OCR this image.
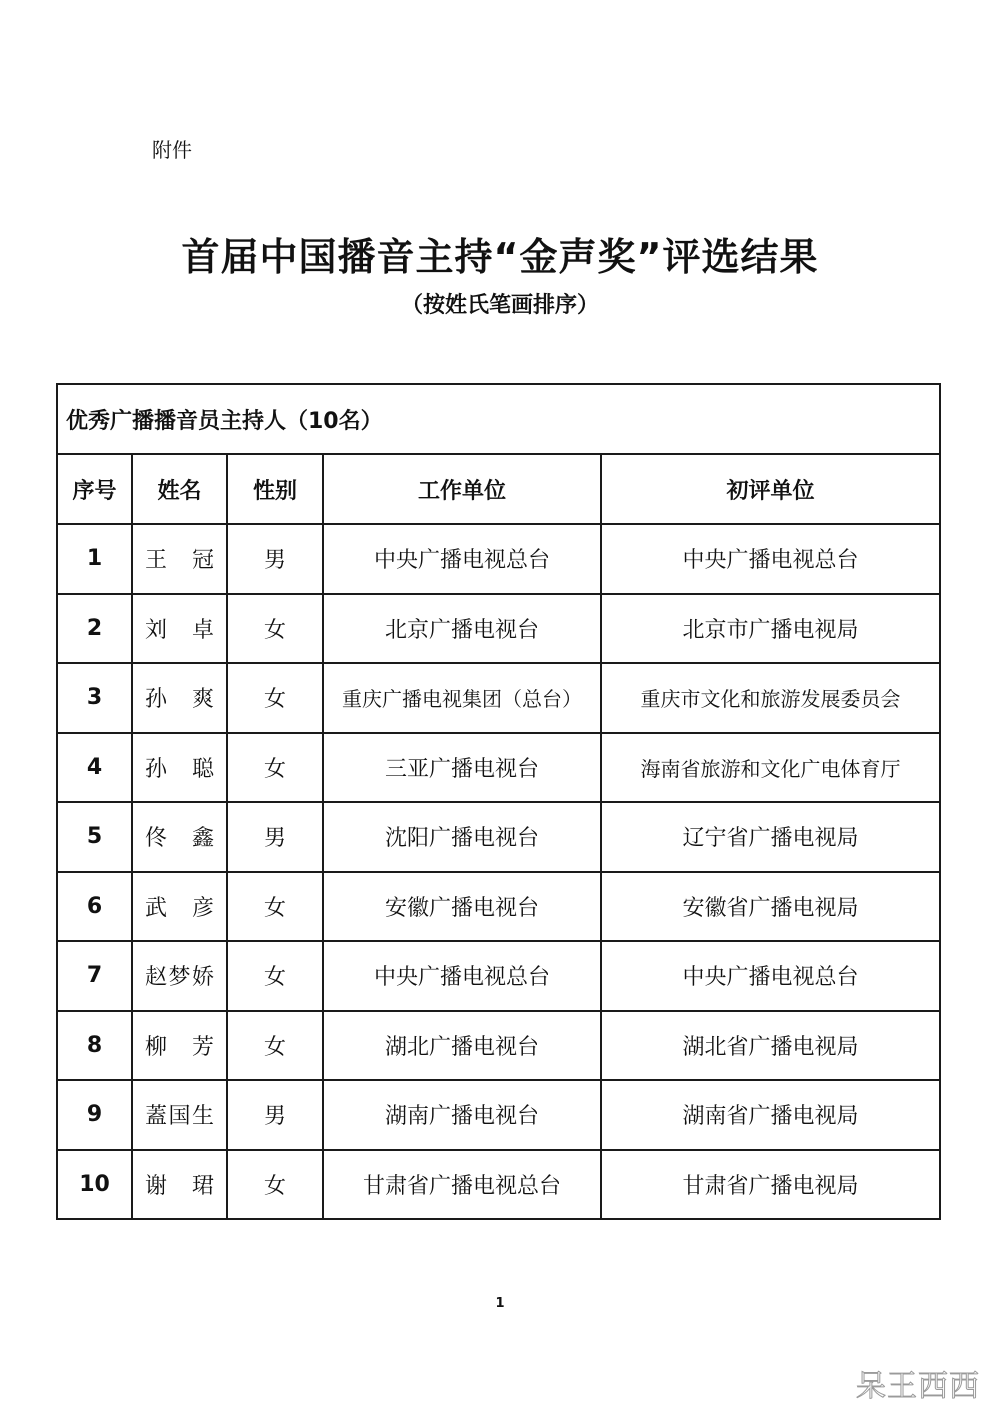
附件
首届中国播音主持“金声奖”评选结果
（按姓氏笔画排序）
优秀广播播音员主持人（10名）				
序号	姓名	性别	工作单位	初评单位
1	王冠	男	中央广播电视总台	中央广播电视总台
2	刘卓	女	北京广播电视台	北京市广播电视局
3	孙爽	女	重庆广播电视集团（总台）	重庆市文化和旅游发展委员会
4	孙聪	女	三亚广播电视台	海南省旅游和文化广电体育厅
5	佟鑫	男	沈阳广播电视台	辽宁省广播电视局
6	武彦	女	安徽广播电视台	安徽省广播电视局
7	赵梦娇	女	中央广播电视总台	中央广播电视总台
8	柳芳	女	湖北广播电视台	湖北省广播电视局
9	蓋国生	男	湖南广播电视台	湖南省广播电视局
10	谢珺	女	甘肃省广播电视总台	甘肃省广播电视局
1
呆王西西
